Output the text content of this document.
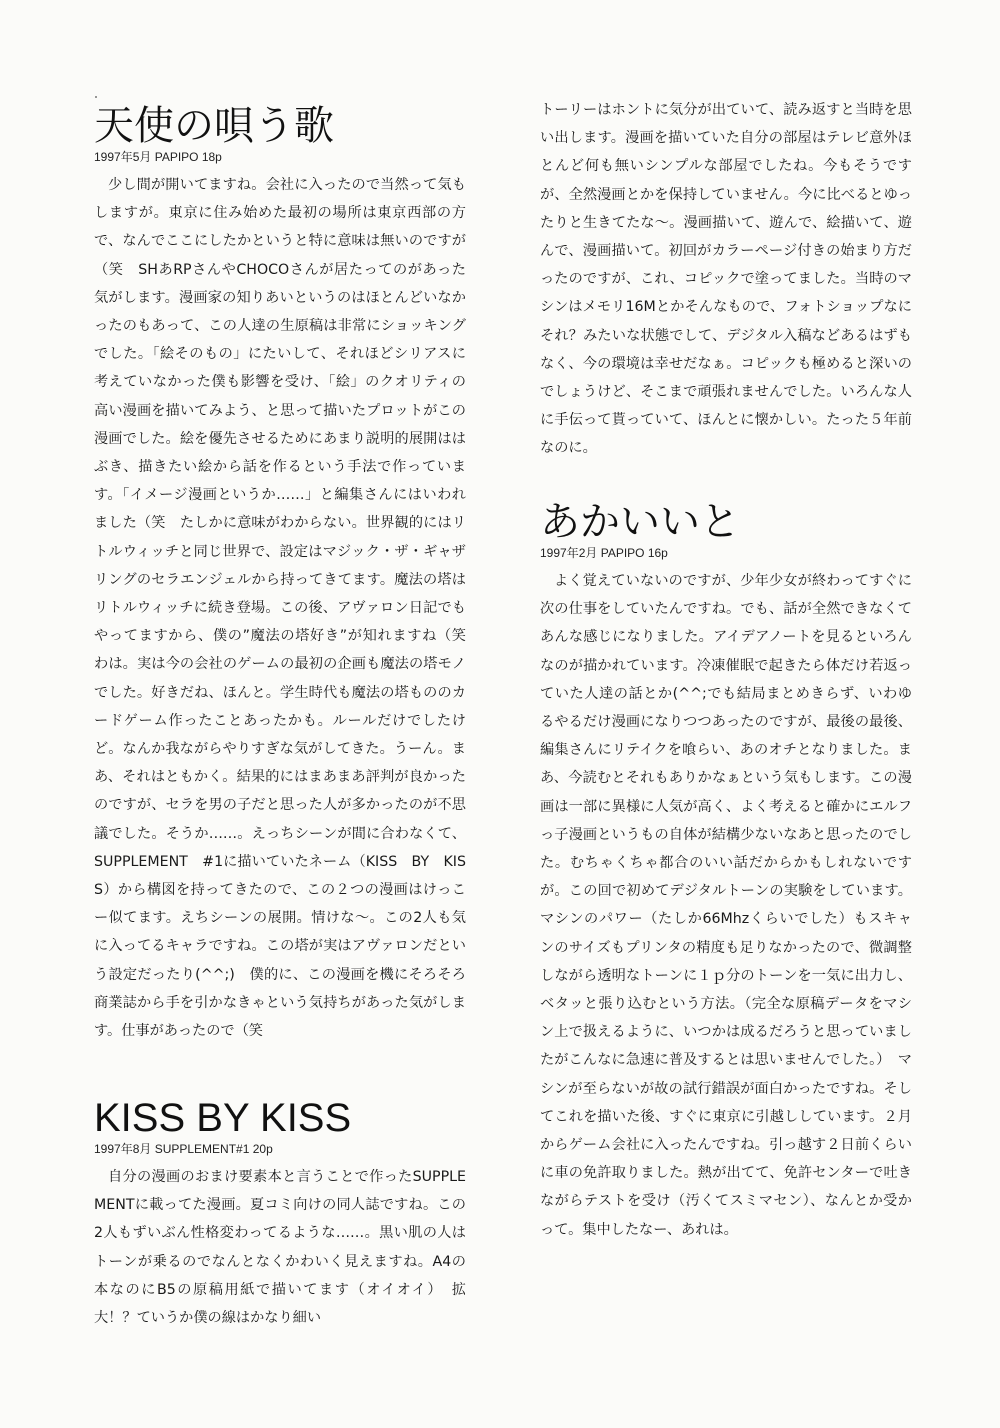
天使の唄う歌
1997年5月 PAPIPO 18p
少し間が開いてますね。会社に入ったので当然って気もしますが。東京に住み始めた最初の場所は東京西部の方で、なんでここにしたかというと特に意味は無いのですが（笑　SHあRPさんやCHOCOさんが居たってのがあった気がします。漫画家の知りあいというのはほとんどいなかったのもあって、この人達の生原稿は非常にショッキングでした。「絵そのもの」にたいして、それほどシリアスに考えていなかった僕も影響を受け、「絵」のクオリティの高い漫画を描いてみよう、と思って描いたプロットがこの漫画でした。絵を優先させるためにあまり説明的展開ははぶき、描きたい絵から話を作るという手法で作っています。「イメージ漫画というか……」と編集さんにはいわれました（笑　たしかに意味がわからない。世界観的にはリトルウィッチと同じ世界で、設定はマジック・ザ・ギャザリングのセラエンジェルから持ってきてます。魔法の塔はリトルウィッチに続き登場。この後、アヴァロン日記でもやってますから、僕の”魔法の塔好き”が知れますね（笑　わは。実は今の会社のゲームの最初の企画も魔法の塔モノでした。好きだね、ほんと。学生時代も魔法の塔もののカードゲーム作ったことあったかも。ルールだけでしたけど。なんか我ながらやりすぎな気がしてきた。うーん。まあ、それはともかく。結果的にはまあまあ評判が良かったのですが、セラを男の子だと思った人が多かったのが不思議でした。そうか……。えっちシーンが間に合わなくて、SUPPLEMENT　#1に描いていたネーム（KISS　BY　KISS）から構図を持ってきたので、この２つの漫画はけっこー似てます。えちシーンの展開。情けな〜。この2人も気に入ってるキャラですね。この塔が実はアヴァロンだという設定だったり(^^;)　僕的に、この漫画を機にそろそろ商業誌から手を引かなきゃという気持ちがあった気がします。仕事があったので（笑
KISS BY KISS
1997年8月 SUPPLEMENT#1 20p
自分の漫画のおまけ要素本と言うことで作ったSUPPLEMENTに載ってた漫画。夏コミ向けの同人誌ですね。この2人もずいぶん性格変わってるような……。黒い肌の人はトーンが乗るのでなんとなくかわいく見えますね。A4の本なのにB5の原稿用紙で描いてます（オイオイ）　拡大！？ていうか僕の線はかなり細い
トーリーはホントに気分が出ていて、読み返すと当時を思い出します。漫画を描いていた自分の部屋はテレビ意外ほとんど何も無いシンプルな部屋でしたね。今もそうですが、全然漫画とかを保持していません。今に比べるとゆったりと生きてたな〜。漫画描いて、遊んで、絵描いて、遊んで、漫画描いて。初回がカラーページ付きの始まり方だったのですが、これ、コピックで塗ってました。当時のマシンはメモリ16Mとかそんなもので、フォトショップなにそれ？みたいな状態でして、デジタル入稿などあるはずもなく、今の環境は幸せだなぁ。コピックも極めると深いのでしょうけど、そこまで頑張れませんでした。いろんな人に手伝って貰っていて、ほんとに懐かしい。たった５年前なのに。
あかいいと
1997年2月 PAPIPO 16p
よく覚えていないのですが、少年少女が終わってすぐに次の仕事をしていたんですね。でも、話が全然できなくてあんな感じになりました。アイデアノートを見るといろんなのが描かれています。冷凍催眠で起きたら体だけ若返っていた人達の話とか(^^;でも結局まとめきらず、いわゆるやるだけ漫画になりつつあったのですが、最後の最後、編集さんにリテイクを喰らい、あのオチとなりました。まあ、今読むとそれもありかなぁという気もします。この漫画は一部に異様に人気が高く、よく考えると確かにエルフっ子漫画というもの自体が結構少ないなあと思ったのでした。むちゃくちゃ都合のいい話だからかもしれないですが。この回で初めてデジタルトーンの実験をしています。マシンのパワー（たしか66Mhzくらいでした）もスキャンのサイズもプリンタの精度も足りなかったので、微調整しながら透明なトーンに１ｐ分のトーンを一気に出力し、ベタッと張り込むという方法。（完全な原稿データをマシン上で扱えるように、いつかは成るだろうと思っていましたがこんなに急速に普及するとは思いませんでした。）　マシンが至らないが故の試行錯誤が面白かったですね。そしてこれを描いた後、すぐに東京に引越ししています。２月からゲーム会社に入ったんですね。引っ越す２日前くらいに車の免許取りました。熱が出てて、免許センターで吐きながらテストを受け（汚くてスミマセン）、なんとか受かって。集中したなー、あれは。
